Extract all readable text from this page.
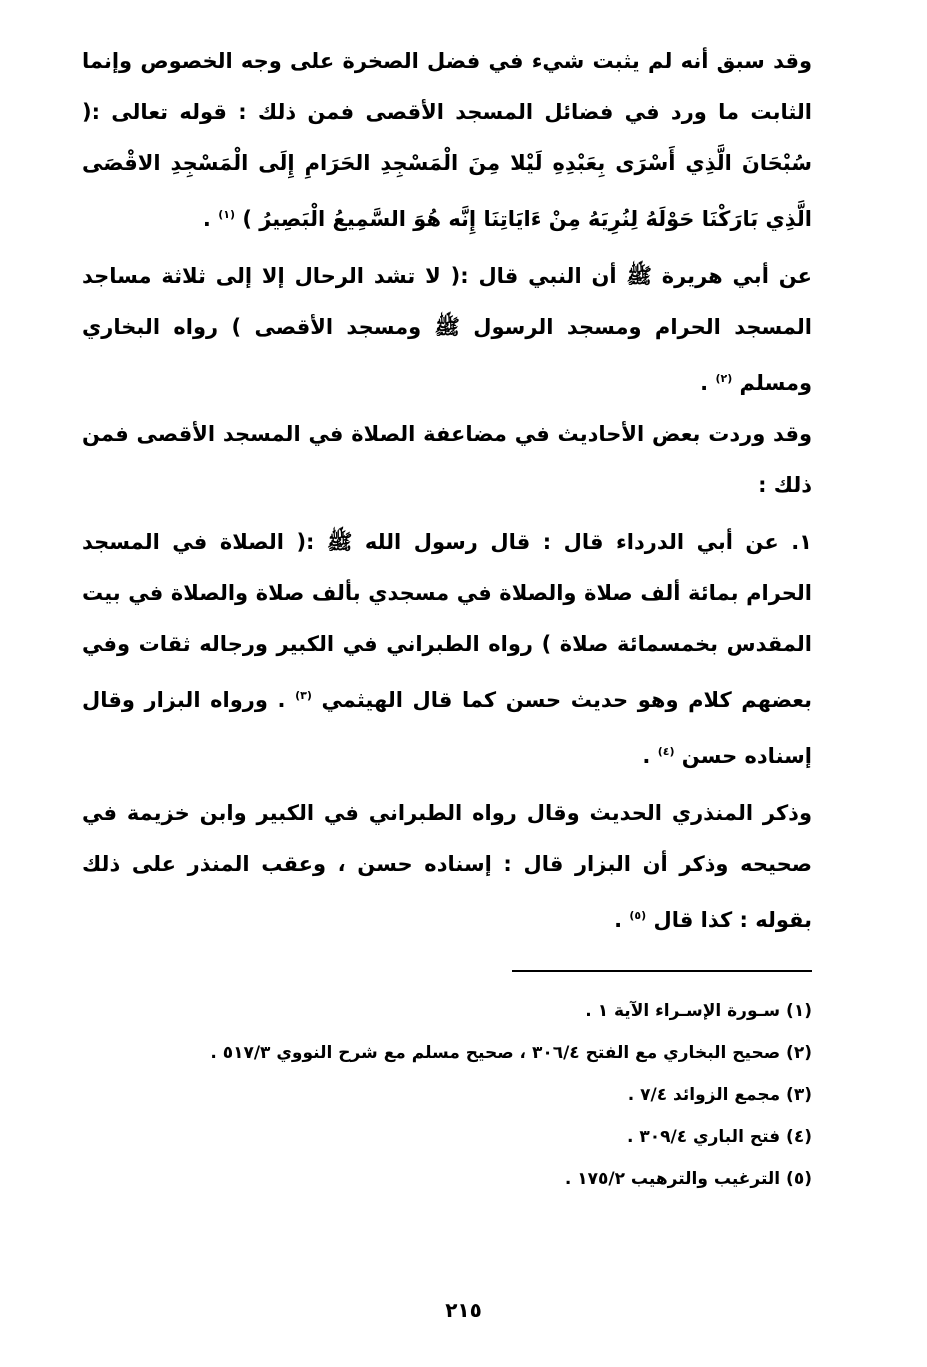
وقد سبق أنه لم يثبت شيء في فضل الصخرة على وجه الخصوص وإنما الثابت ما ورد في فضائل المسجد الأقصى فمن ذلك : قوله تعالى :( سُبْحَانَ الَّذِي أَسْرَى بِعَبْدِهِ لَيْلا مِنَ الْمَسْجِدِ الحَرَامِ إِلَى الْمَسْجِدِ الاقْصَى الَّذِي بَارَكْنَا حَوْلَهُ لِنُرِيَهُ مِنْ ءَايَاتِنَا إِنَّه هُوَ السَّمِيعُ الْبَصِيرُ ) $^{(١)}$ .

عن أبي هريرة ﷺ أن النبي قال :( لا تشد الرحال إلا إلى ثلاثة مساجد المسجد الحرام ومسجد الرسول ﷺ ومسجد الأقصى ) رواه البخاري ومسلم $^{(٢)}$ .

وقد وردت بعض الأحاديث في مضاعفة الصلاة في المسجد الأقصى فمن ذلك :

١. عن أبي الدرداء قال : قال رسول الله ﷺ :( الصلاة في المسجد الحرام بمائة ألف صلاة والصلاة في مسجدي بألف صلاة والصلاة في بيت المقدس بخمسمائة صلاة ) رواه الطبراني في الكبير ورجاله ثقات وفي بعضهم كلام وهو حديث حسن كما قال الهيثمي $^{(٣)}$ . ورواه البزار وقال إسناده حسن $^{(٤)}$ .

وذكر المنذري الحديث وقال رواه الطبراني في الكبير وابن خزيمة في صحيحه وذكر أن البزار قال : إسناده حسن ، وعقب المنذر على ذلك بقوله : كذا قال $^{(٥)}$ .

(١) سـورة الإسـراء الآية ١ .

(٢) صحيح البخاري مع الفتح ٣٠٦/٤ ، صحيح مسلم مع شرح النووي ٥١٧/٣ .

(٣) مجمع الزوائد ٧/٤ .

(٤) فتح الباري ٣٠٩/٤ .

(٥) الترغيب والترهيب ١٧٥/٢ .

٢١٥
